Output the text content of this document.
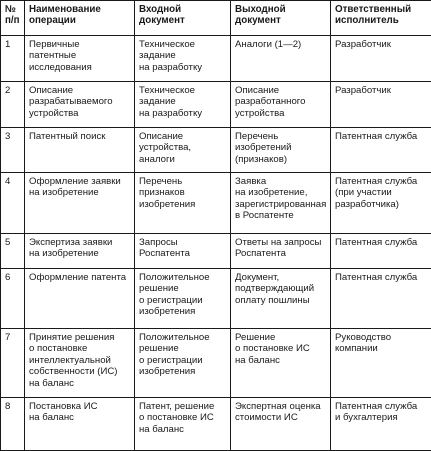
№
п/п	Наименование
операции	Входной
документ	Выходной
документ	Ответственный
исполнитель
1	Первичные
патентные
исследования	Техническое
задание
на разработку	Аналоги (1—2)	Разработчик
2	Описание
разрабатываемого
устройства	Техническое
задание
на разработку	Описание
разработанного
устройства	Разработчик
3	Патентный поиск	Описание
устройства, аналоги	Перечень
изобретений
(признаков)	Патентная служба
4	Оформление заявки
на изобретение	Перечень
признаков
изобретения	Заявка
на изобретение,
зарегистрированная
в Роспатенте	Патентная служба
(при участии
разработчика)
5	Экспертиза заявки
на изобретение	Запросы
Роспатента	Ответы на запросы
Роспатента	Патентная служба
6	Оформление патента	Положительное
решение
о регистрации
изобретения	Документ,
подтверждающий
оплату пошлины	Патентная служба
7	Принятие решения
о постановке
интеллектуальной
собственности (ИС)
на баланс	Положительное
решение
о регистрации
изобретения	Решение
о постановке ИС
на баланс	Руководство
компании
8	Постановка ИС
на баланс	Патент, решение
о постановке ИС
на баланс	Экспертная оценка
стоимости ИС	Патентная служба
и бухгалтерия
